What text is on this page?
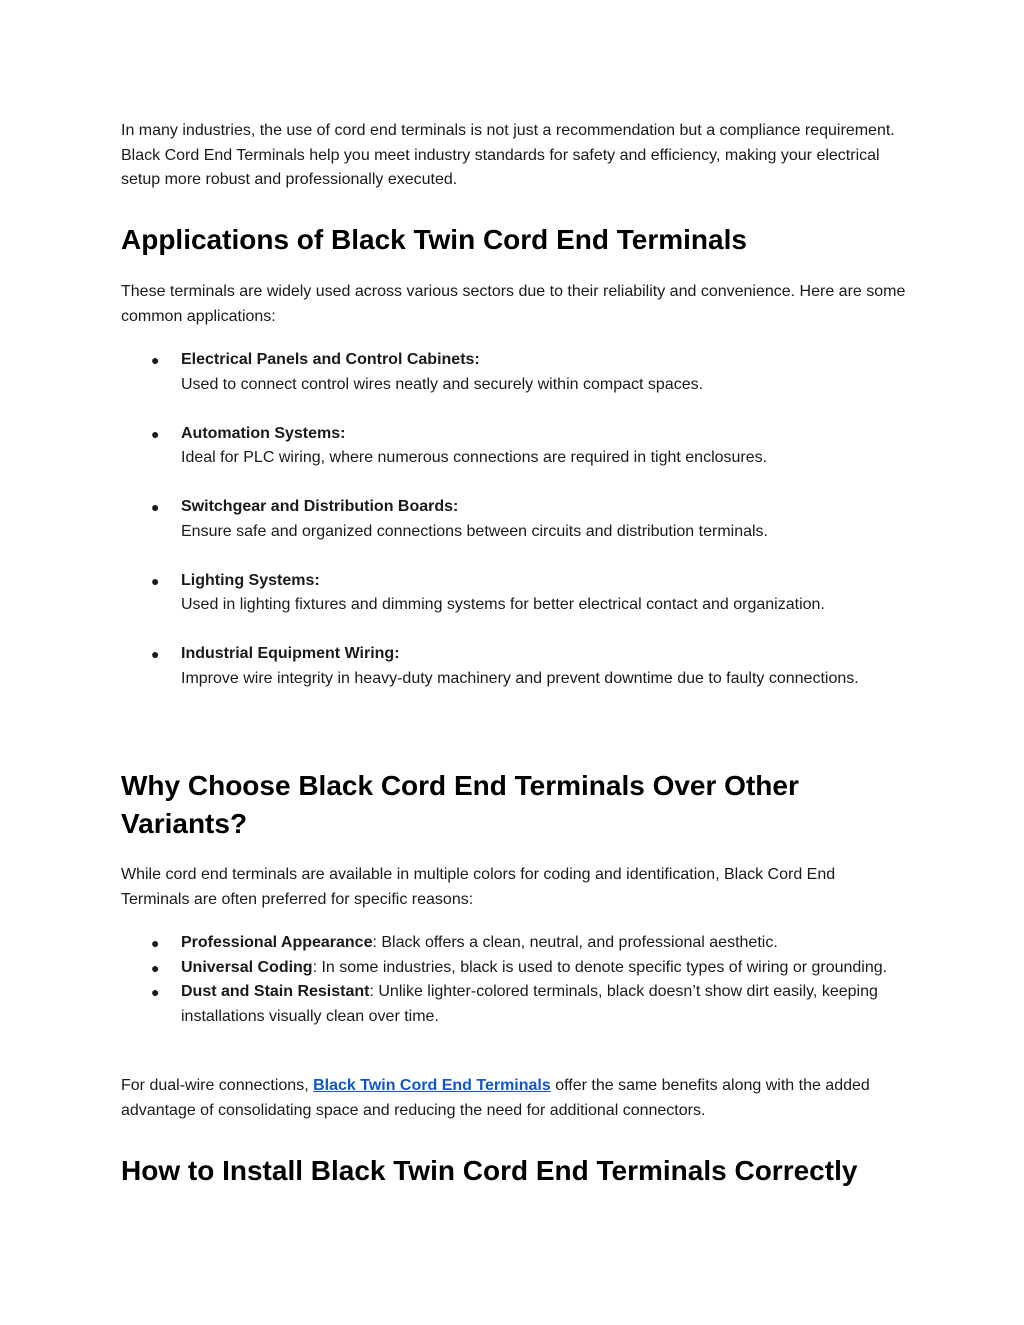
In many industries, the use of cord end terminals is not just a recommendation but a compliance requirement. Black Cord End Terminals help you meet industry standards for safety and efficiency, making your electrical setup more robust and professionally executed.

Applications of Black Twin Cord End Terminals

These terminals are widely used across various sectors due to their reliability and convenience. Here are some common applications:

● Electrical Panels and Control Cabinets:
Used to connect control wires neatly and securely within compact spaces.
● Automation Systems:
Ideal for PLC wiring, where numerous connections are required in tight enclosures.
● Switchgear and Distribution Boards:
Ensure safe and organized connections between circuits and distribution terminals.
● Lighting Systems:
Used in lighting fixtures and dimming systems for better electrical contact and organization.
● Industrial Equipment Wiring:
Improve wire integrity in heavy-duty machinery and prevent downtime due to faulty connections.
Why Choose Black Cord End Terminals Over Other Variants?

While cord end terminals are available in multiple colors for coding and identification, Black Cord End Terminals are often preferred for specific reasons:

● Professional Appearance: Black offers a clean, neutral, and professional aesthetic.
● Universal Coding: In some industries, black is used to denote specific types of wiring or grounding.
● Dust and Stain Resistant: Unlike lighter-colored terminals, black doesn’t show dirt easily, keeping installations visually clean over time.

For dual-wire connections, Black Twin Cord End Terminals offer the same benefits along with the added advantage of consolidating space and reducing the need for additional connectors.

How to Install Black Twin Cord End Terminals Correctly
